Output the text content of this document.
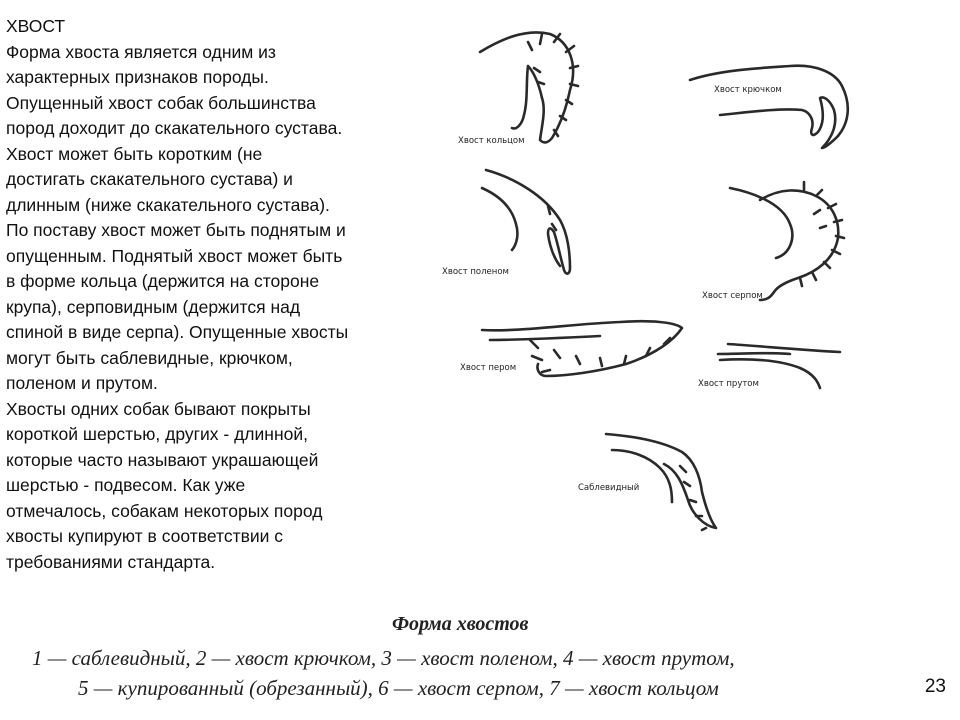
ХВОСТ
Форма хвоста является одним из
характерных признаков породы.
Опущенный хвост собак большинства
пород доходит до скакательного сустава.
Хвост может быть коротким (не
достигать скакательного сустава) и
длинным (ниже скакательного сустава).
По поставу хвост может быть поднятым и
опущенным. Поднятый хвост может быть
в форме кольца (держится на стороне
крупа), серповидным (держится над
спиной в виде серпа). Опущенные хвосты
могут быть саблевидные, крючком,
поленом и прутом.
Хвосты одних собак бывают покрыты
короткой шерстью, других - длинной,
которые часто называют украшающей
шерстью - подвесом. Как уже
отмечалось, собакам некоторых пород
хвосты купируют в соответствии с
требованиями стандарта.
Хвост кольцом
Хвост крючком
Хвост поленом
Хвост серпом
Хвост пером
Хвост прутом
Саблевидный
Форма хвостов
1 — саблевидный, 2 — хвост крючком, 3 — хвост поленом, 4 — хвост прутом,
5 — купированный (обрезанный), 6 — хвост серпом, 7 — хвост кольцом	23
